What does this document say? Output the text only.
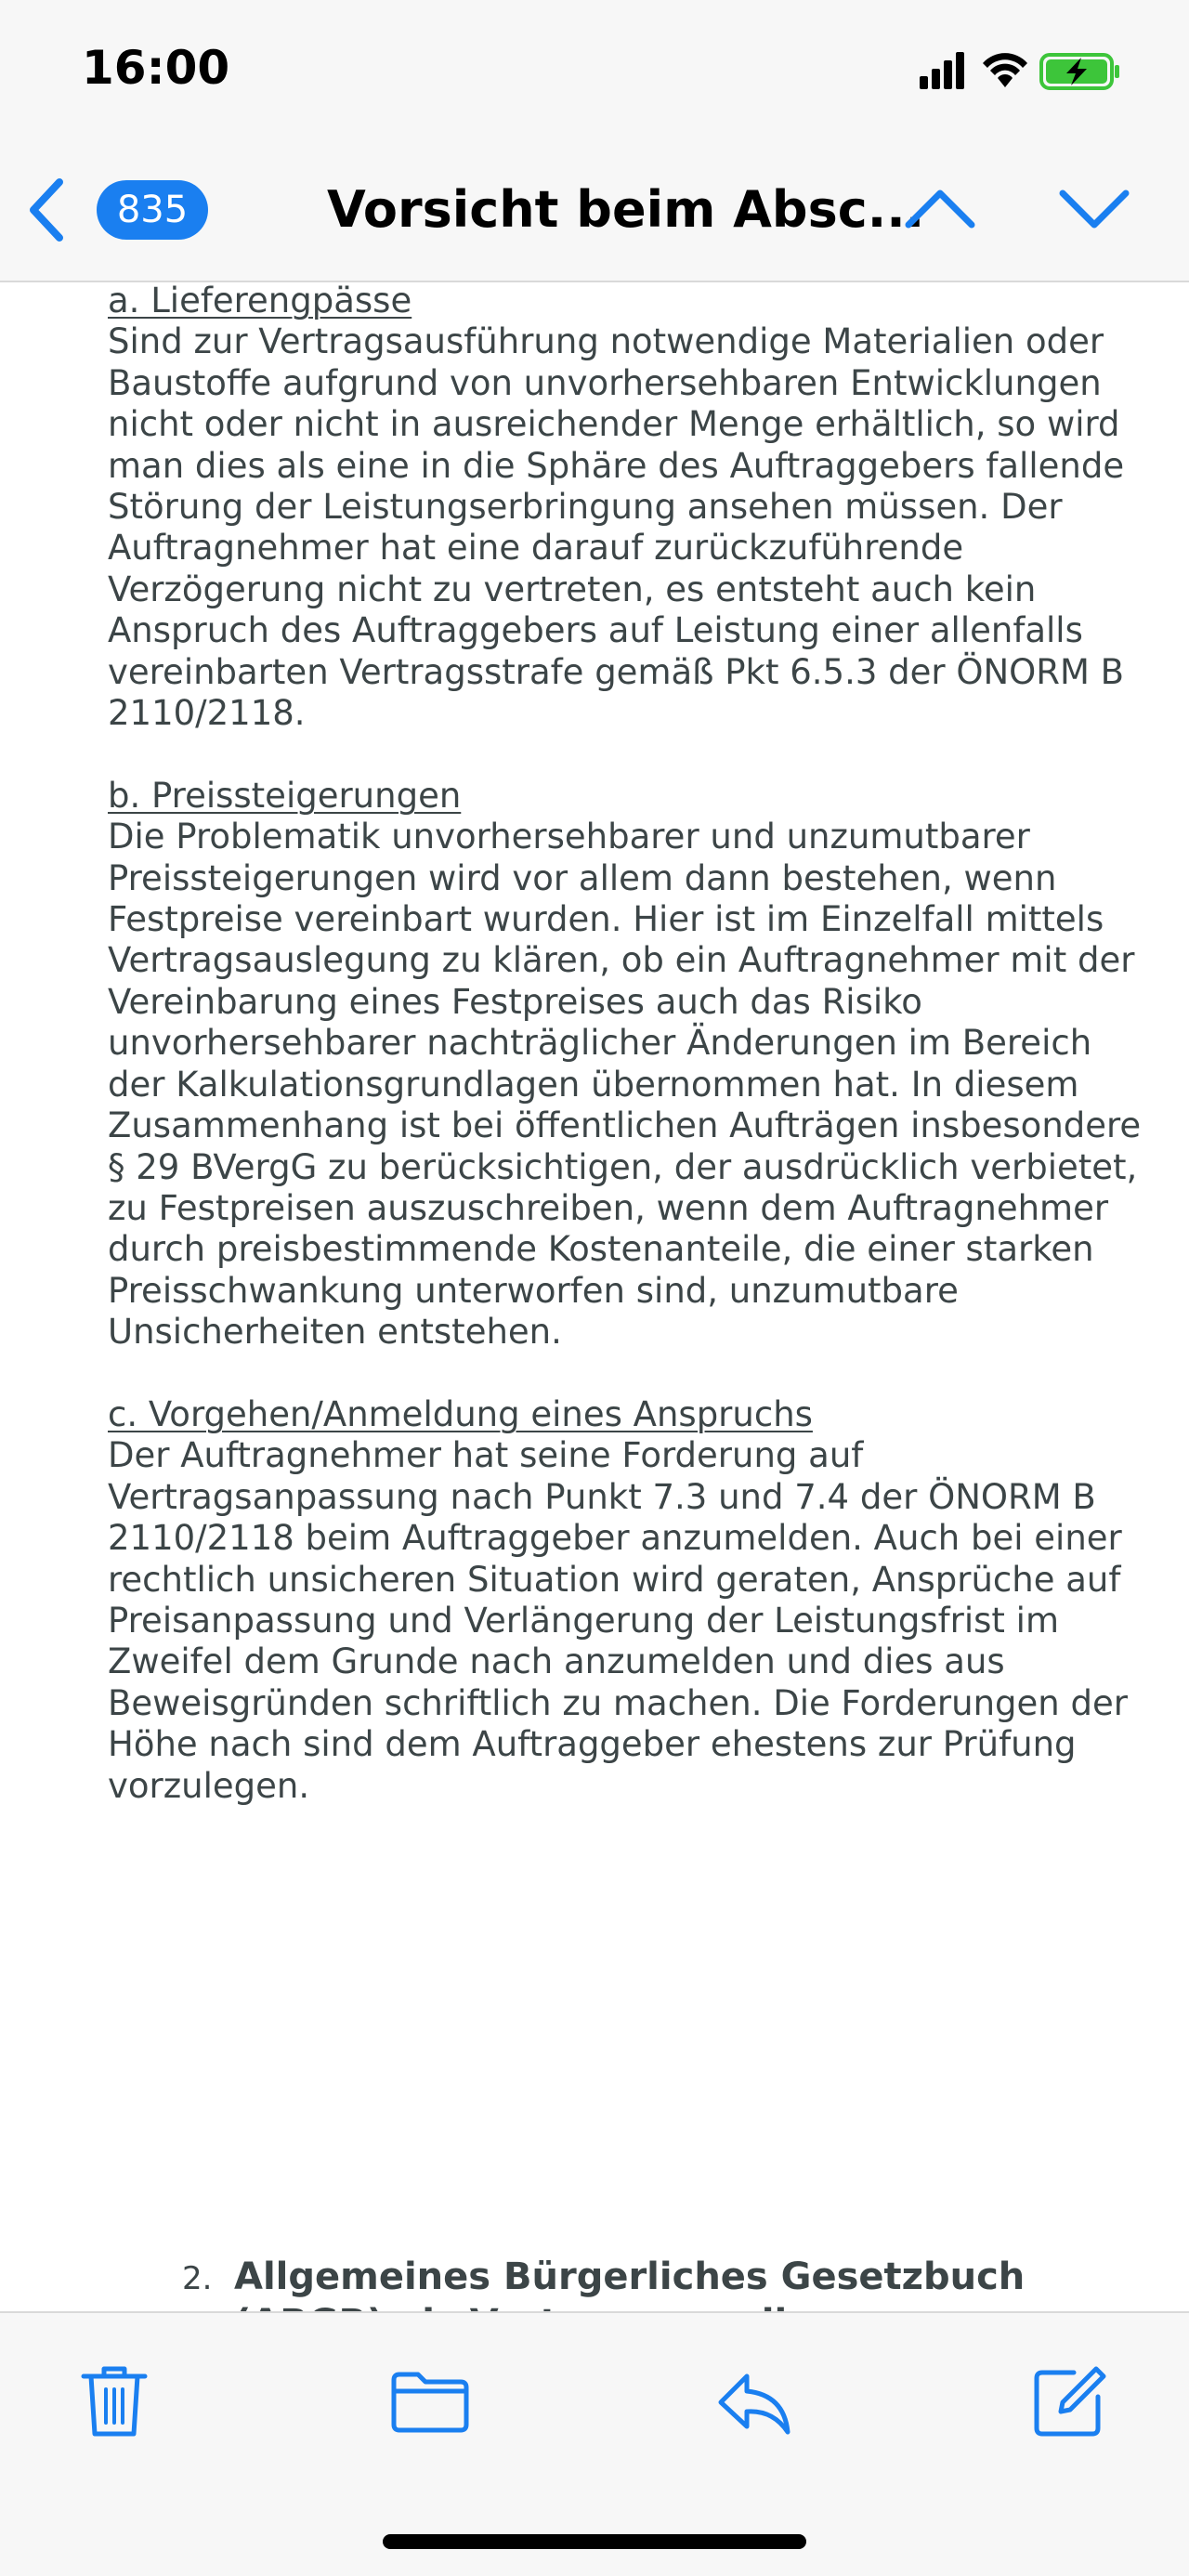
16:00
835	Vorsicht beim Absc...
a. Lieferengpässe
Sind zur Vertragsausführung notwendige Materialien oder Baustoffe aufgrund von unvorhersehbaren Entwicklungen nicht oder nicht in ausreichender Menge erhältlich, so wird man dies als eine in die Sphäre des Auftraggebers fallende Störung der Leistungserbringung ansehen müssen. Der Auftragnehmer hat eine darauf zurückzuführende Verzögerung nicht zu vertreten, es entsteht auch kein Anspruch des Auftraggebers auf Leistung einer allenfalls vereinbarten Vertragsstrafe gemäß Pkt 6.5.3 der ÖNORM B 2110/2118.
b. Preissteigerungen
Die Problematik unvorhersehbarer und unzumutbarer Preissteigerungen wird vor allem dann bestehen, wenn Festpreise vereinbart wurden. Hier ist im Einzelfall mittels Vertragsauslegung zu klären, ob ein Auftragnehmer mit der Vereinbarung eines Festpreises auch das Risiko unvorhersehbarer nachträglicher Änderungen im Bereich der Kalkulationsgrundlagen übernommen hat. In diesem Zusammenhang ist bei öffentlichen Aufträgen insbesondere § 29 BVergG zu berücksichtigen, der ausdrücklich verbietet, zu Festpreisen auszuschreiben, wenn dem Auftragnehmer durch preisbestimmende Kostenanteile, die einer starken Preisschwankung unterworfen sind, unzumutbare Unsicherheiten entstehen.
c. Vorgehen/Anmeldung eines Anspruchs
Der Auftragnehmer hat seine Forderung auf Vertragsanpassung nach Punkt 7.3 und 7.4 der ÖNORM B 2110/2118 beim Auftraggeber anzumelden. Auch bei einer rechtlich unsicheren Situation wird geraten, Ansprüche auf Preisanpassung und Verlängerung der Leistungsfrist im Zweifel dem Grunde nach anzumelden und dies aus Beweisgründen schriftlich zu machen. Die Forderungen der Höhe nach sind dem Auftraggeber ehestens zur Prüfung vorzulegen.
2. Allgemeines Bürgerliches Gesetzbuch
